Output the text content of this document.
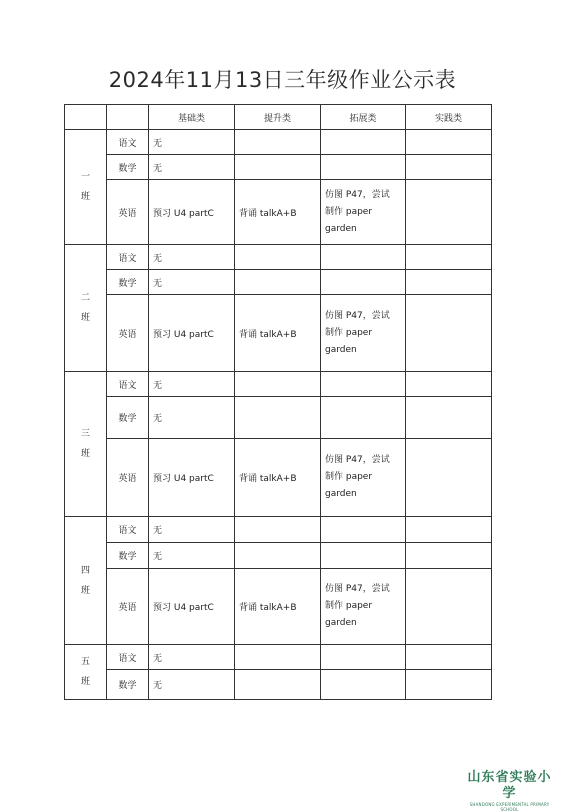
2024年11月13日三年级作业公示表
		基础类	提升类	拓展类	实践类

一
班	语文	无			
	数学	无			
	英语	预习 U4 partC	背诵 talkA+B	仿图 P47，尝试
制作 paper
garden	

二
班	语文	无			
	数学	无			
	英语	预习 U4 partC	背诵 talkA+B	仿图 P47，尝试
制作 paper
garden	

三
班	语文	无			
	数学	无			
	英语	预习 U4 partC	背诵 talkA+B	仿图 P47，尝试
制作 paper
garden	

四
班	语文	无			
	数学	无			
	英语	预习 U4 partC	背诵 talkA+B	仿图 P47，尝试
制作 paper
garden	

五
班	语文	无			
	数学	无			
山东省实验小学
SHANDONG EXPERIMENTAL PRIMARY SCHOOL
